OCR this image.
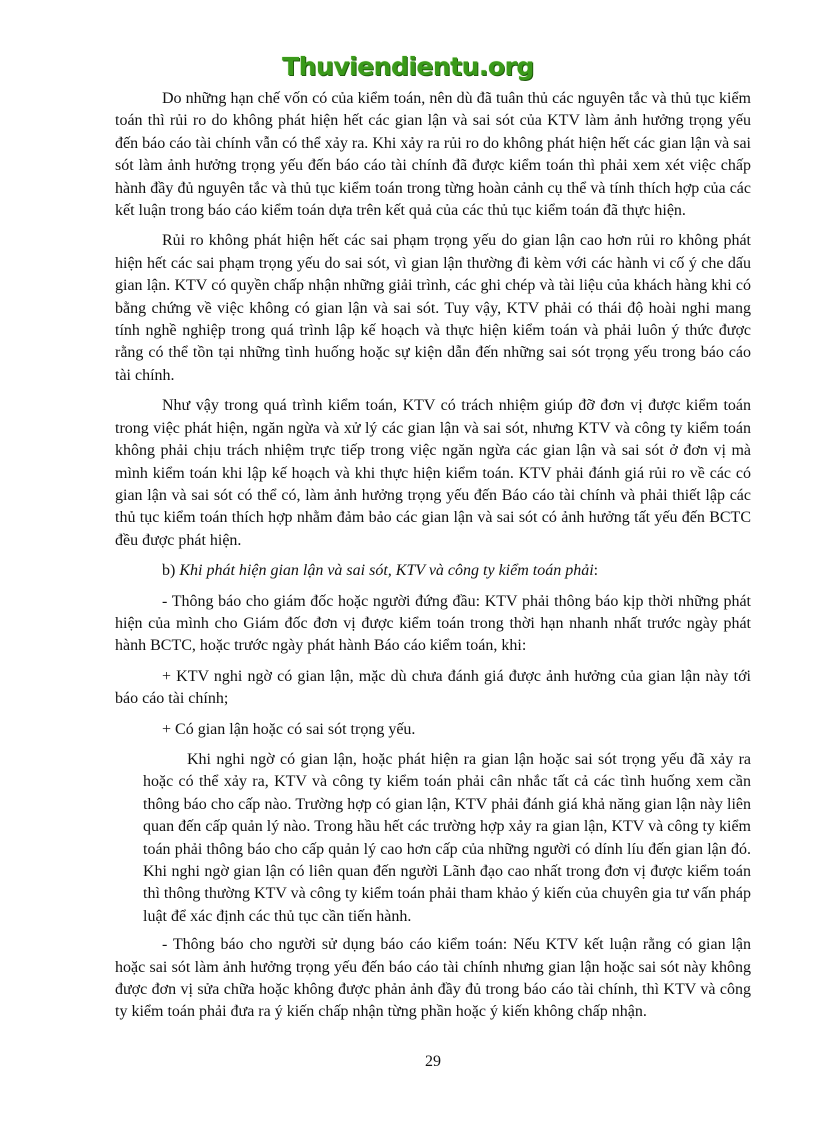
Thuviendientu.org

Do những hạn chế vốn có của kiểm toán, nên dù đã tuân thủ các nguyên tắc và thủ tục kiểm toán thì rủi ro do không phát hiện hết các gian lận và sai sót của KTV làm ảnh hưởng trọng yếu đến báo cáo tài chính vẫn có thể xảy ra. Khi xảy ra rủi ro do không phát hiện hết các gian lận và sai sót làm ảnh hưởng trọng yếu đến báo cáo tài chính đã được kiểm toán thì phải xem xét việc chấp hành đầy đủ nguyên tắc và thủ tục kiểm toán trong từng hoàn cảnh cụ thể và tính thích hợp của các kết luận trong báo cáo kiểm toán dựa trên kết quả của các thủ tục kiểm toán đã thực hiện.

Rủi ro không phát hiện hết các sai phạm trọng yếu do gian lận cao hơn rủi ro không phát hiện hết các sai phạm trọng yếu do sai sót, vì gian lận thường đi kèm với các hành vi cố ý che dấu gian lận. KTV có quyền chấp nhận những giải trình, các ghi chép và tài liệu của khách hàng khi có bằng chứng về việc không có gian lận và sai sót. Tuy vậy, KTV phải có thái độ hoài nghi mang tính nghề nghiệp trong quá trình lập kế hoạch và thực hiện kiểm toán và phải luôn ý thức được rằng có thể tồn tại những tình huống hoặc sự kiện dẫn đến những sai sót trọng yếu trong báo cáo tài chính.

Như vậy trong quá trình kiểm toán, KTV có trách nhiệm giúp đỡ đơn vị được kiểm toán trong việc phát hiện, ngăn ngừa và xử lý các gian lận và sai sót, nhưng KTV và công ty kiểm toán không phải chịu trách nhiệm trực tiếp trong việc ngăn ngừa các gian lận và sai sót ở đơn vị mà mình kiểm toán khi lập kế hoạch và khi thực hiện kiểm toán. KTV phải đánh giá rủi ro về các có gian lận và sai sót có thể có, làm ảnh hưởng trọng yếu đến Báo cáo tài chính và phải thiết lập các thủ tục kiểm toán thích hợp nhằm đảm bảo các gian lận và sai sót có ảnh hưởng tất yếu đến BCTC đều được phát hiện.

b) Khi phát hiện gian lận và sai sót, KTV và công ty kiểm toán phải:

- Thông báo cho giám đốc hoặc người đứng đầu: KTV phải thông báo kịp thời những phát hiện của mình cho Giám đốc đơn vị được kiểm toán trong thời hạn nhanh nhất trước ngày phát hành BCTC, hoặc trước ngày phát hành Báo cáo kiểm toán, khi:

+ KTV nghi ngờ có gian lận, mặc dù chưa đánh giá được ảnh hưởng của gian lận này tới báo cáo tài chính;

+ Có gian lận hoặc có sai sót trọng yếu.

Khi nghi ngờ có gian lận, hoặc phát hiện ra gian lận hoặc sai sót trọng yếu đã xảy ra hoặc có thể xảy ra, KTV và công ty kiểm toán phải cân nhắc tất cả các tình huống xem cần thông báo cho cấp nào. Trường hợp có gian lận, KTV phải đánh giá khả năng gian lận này liên quan đến cấp quản lý nào. Trong hầu hết các trường hợp xảy ra gian lận, KTV và công ty kiểm toán phải thông báo cho cấp quản lý cao hơn cấp của những người có dính líu đến gian lận đó. Khi nghi ngờ gian lận có liên quan đến người Lãnh đạo cao nhất trong đơn vị được kiểm toán thì thông thường KTV và công ty kiểm toán phải tham khảo ý kiến của chuyên gia tư vấn pháp luật để xác định các thủ tục cần tiến hành.

- Thông báo cho người sử dụng báo cáo kiểm toán: Nếu KTV kết luận rằng có gian lận hoặc sai sót làm ảnh hưởng trọng yếu đến báo cáo tài chính nhưng gian lận hoặc sai sót này không được đơn vị sửa chữa hoặc không được phản ảnh đầy đủ trong báo cáo tài chính, thì KTV và công ty kiểm toán phải đưa ra ý kiến chấp nhận từng phần hoặc ý kiến không chấp nhận.

29
